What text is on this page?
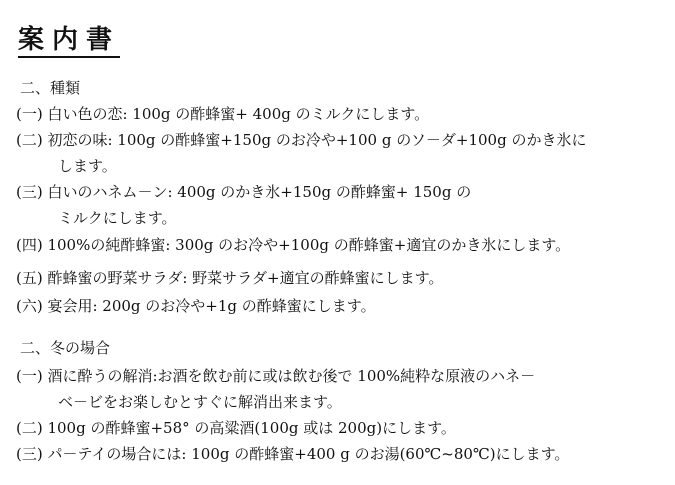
案内書
二、種類
(一) 白い色の恋: 100g の酢蜂蜜+ 400g のミルクにします。
(二) 初恋の味: 100g の酢蜂蜜+150g のお冷や+100 g のソ－ダ+100g のかき氷に
します。
(三) 白いのハネム－ン: 400g のかき氷+150g の酢蜂蜜+ 150g の
ミルクにします。
(四) 100%の純酢蜂蜜: 300g のお冷や+100g の酢蜂蜜+適宜のかき氷にします。
(五) 酢蜂蜜の野菜サラダ: 野菜サラダ+適宜の酢蜂蜜にします。
(六) 宴会用: 200g のお冷や+1g の酢蜂蜜にします。
二、冬の場合
(一) 酒に酔うの解消:お酒を飲む前に或は飲む後で 100%純粋な原液のハネ－
ベ－ビをお楽しむとすぐに解消出来ます。
(二) 100g の酢蜂蜜+58° の高粱酒(100g 或は 200g)にします。
(三) パ－テイの場合には: 100g の酢蜂蜜+400 g のお湯(60℃~80℃)にします。
